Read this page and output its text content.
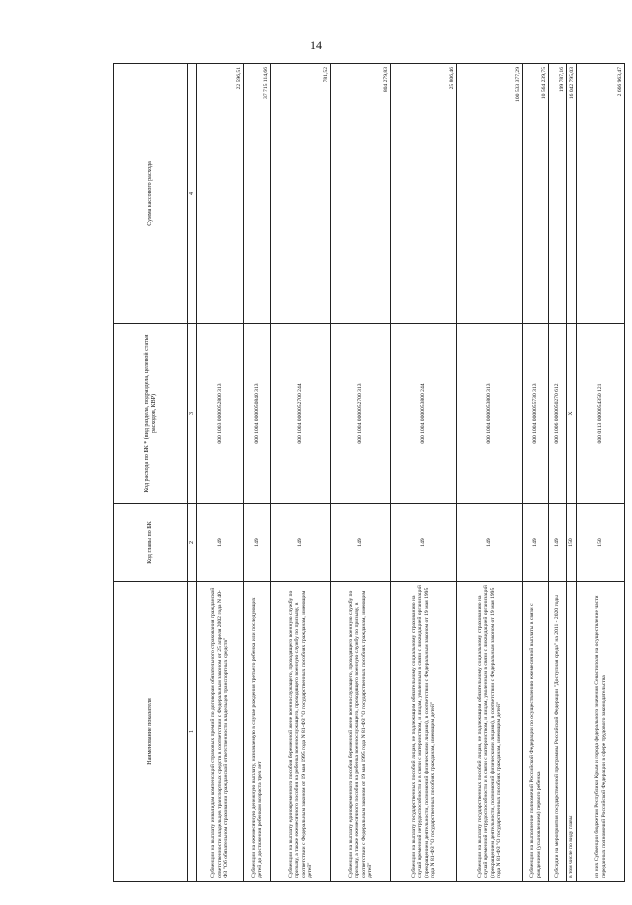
14
Наименование показателя	Код главы по БК	Код расхода по БК * (вид раздела, подраздела, целевой статьи расходов, КВР)	Сумма кассового расхода
1	2	3	4
Субвенции на выплату инвалидам компенсаций страховых премий по договорам обязательного страхования гражданской ответственности владельцев транспортных средств в соответствии с Федеральным законом от 25 апреля 2002 года N 40-ФЗ "Об обязательном страховании гражданской ответственности владельцев транспортных средств"	149	000 1003 0000052800 313	22 596,51
Субвенции на ежемесячную денежную выплату, назначаемую в случае рождения третьего ребенка или последующих детей до достижения ребенком возраста трех лет	149	000 1004 0000050840 313	37 715 114,66
Субвенции на выплату единовременного пособия беременной жене военнослужащего, проходящего военную службу по призыву, а также ежемесячного пособия на ребенка военнослужащего, проходящего военную службу по призыву, в соответствии с Федеральным законом от 19 мая 1995 года N 81-ФЗ "О государственных пособиях гражданам, имеющим детей"	149	000 1004 0000052700 244	781,52
Субвенции на выплату единовременного пособия беременной жене военнослужащего, проходящего военную службу по призыву, а также ежемесячного пособия на ребенка военнослужащего, проходящего военную службу по призыву, в соответствии с Федеральным законом от 19 мая 1995 года N 81-ФЗ "О государственных пособиях гражданам, имеющим детей"	149	000 1004 0000052700 313	804 279,83
Субвенции на выплату государственных пособий лицам, не подлежащим обязательному социальному страхованию на случай временной нетрудоспособности и в связи с материнством, и лицам, уволенным в связи с ликвидацией организаций (прекращением деятельности, полномочий физическими лицами), в соответствии с Федеральным законом от 19 мая 1995 года N 81-ФЗ "О государственных пособиях гражданам, имеющим детей"	149	000 1004 0000053800 244	25 806,46
Субвенции на выплату государственных пособий лицам, не подлежащим обязательному социальному страхованию на случай временной нетрудоспособности и в связи с материнством, и лицам, уволенным в связи с ликвидацией организаций (прекращением деятельности, полномочий физическими лицами), в соответствии с Федеральным законом от 19 мая 1995 года N 81-ФЗ "О государственных пособиях гражданам, имеющим детей"	149	000 1004 0000053800 313	100 533 377,29
Субвенции на выполнение полномочий Российской Федерации по осуществлению ежемесячной выплаты в связи с рождением (усыновлением) первого ребенка	149	000 1004 0000055730 313	10 564 239,75
Субсидии на мероприятия государственной программы Российской Федерации "Доступная среда" на 2011 - 2020 годы	149	000 1006 0000050270 612	199 787,16
в том числе по виду главы	150	X	16 042 795,03
из них Субвенции бюджетам Республики Крым и города федерального значения Севастополя на осуществление части переданных полномочий Российской Федерации в сфере трудового законодательства	150	000 0113 0000054350 121	2 666 963,47
